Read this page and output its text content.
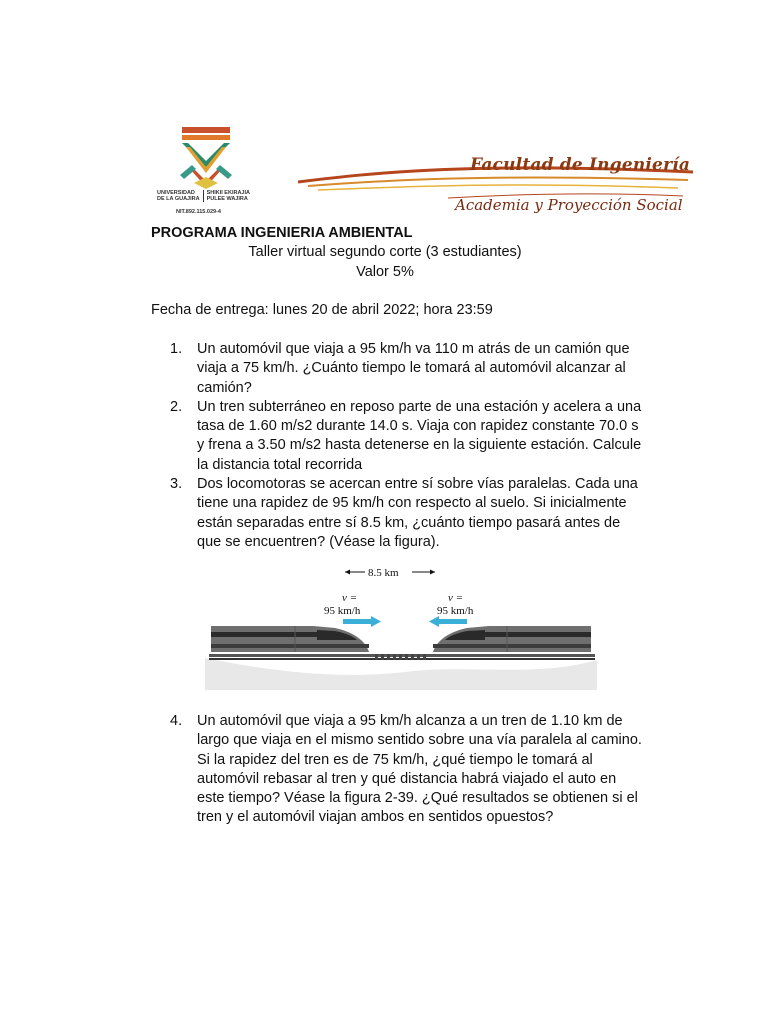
UNIVERSIDAD
DE LA GUAJIRA
SHIKII EKIRAJIA
PULEE WAJIRA
NIT.892.115.029-4
Facultad de Ingeniería
Academia y Proyección Social
PROGRAMA INGENIERIA AMBIENTAL
Taller virtual segundo corte (3 estudiantes)
Valor 5%
Fecha de entrega: lunes 20 de abril 2022; hora 23:59
1. Un automóvil que viaja a 95 km/h va 110 m atrás de un camión que
viaja a 75 km/h. ¿Cuánto tiempo le tomará al automóvil alcanzar al
camión?
2. Un tren subterráneo en reposo parte de una estación y acelera a una
tasa de 1.60 m/s2 durante 14.0 s. Viaja con rapidez constante 70.0 s
y frena a 3.50 m/s2 hasta detenerse en la siguiente estación. Calcule
la distancia total recorrida
3. Dos locomotoras se acercan entre sí sobre vías paralelas. Cada una
tiene una rapidez de 95 km/h con respecto al suelo. Si inicialmente
están separadas entre sí 8.5 km, ¿cuánto tiempo pasará antes de
que se encuentren? (Véase la figura).
8.5 km
v =
95 km/h
v =
95 km/h
4. Un automóvil que viaja a 95 km/h alcanza a un tren de 1.10 km de
largo que viaja en el mismo sentido sobre una vía paralela al camino.
Si la rapidez del tren es de 75 km/h, ¿qué tiempo le tomará al
automóvil rebasar al tren y qué distancia habrá viajado el auto en
este tiempo? Véase la figura 2-39. ¿Qué resultados se obtienen si el
tren y el automóvil viajan ambos en sentidos opuestos?
